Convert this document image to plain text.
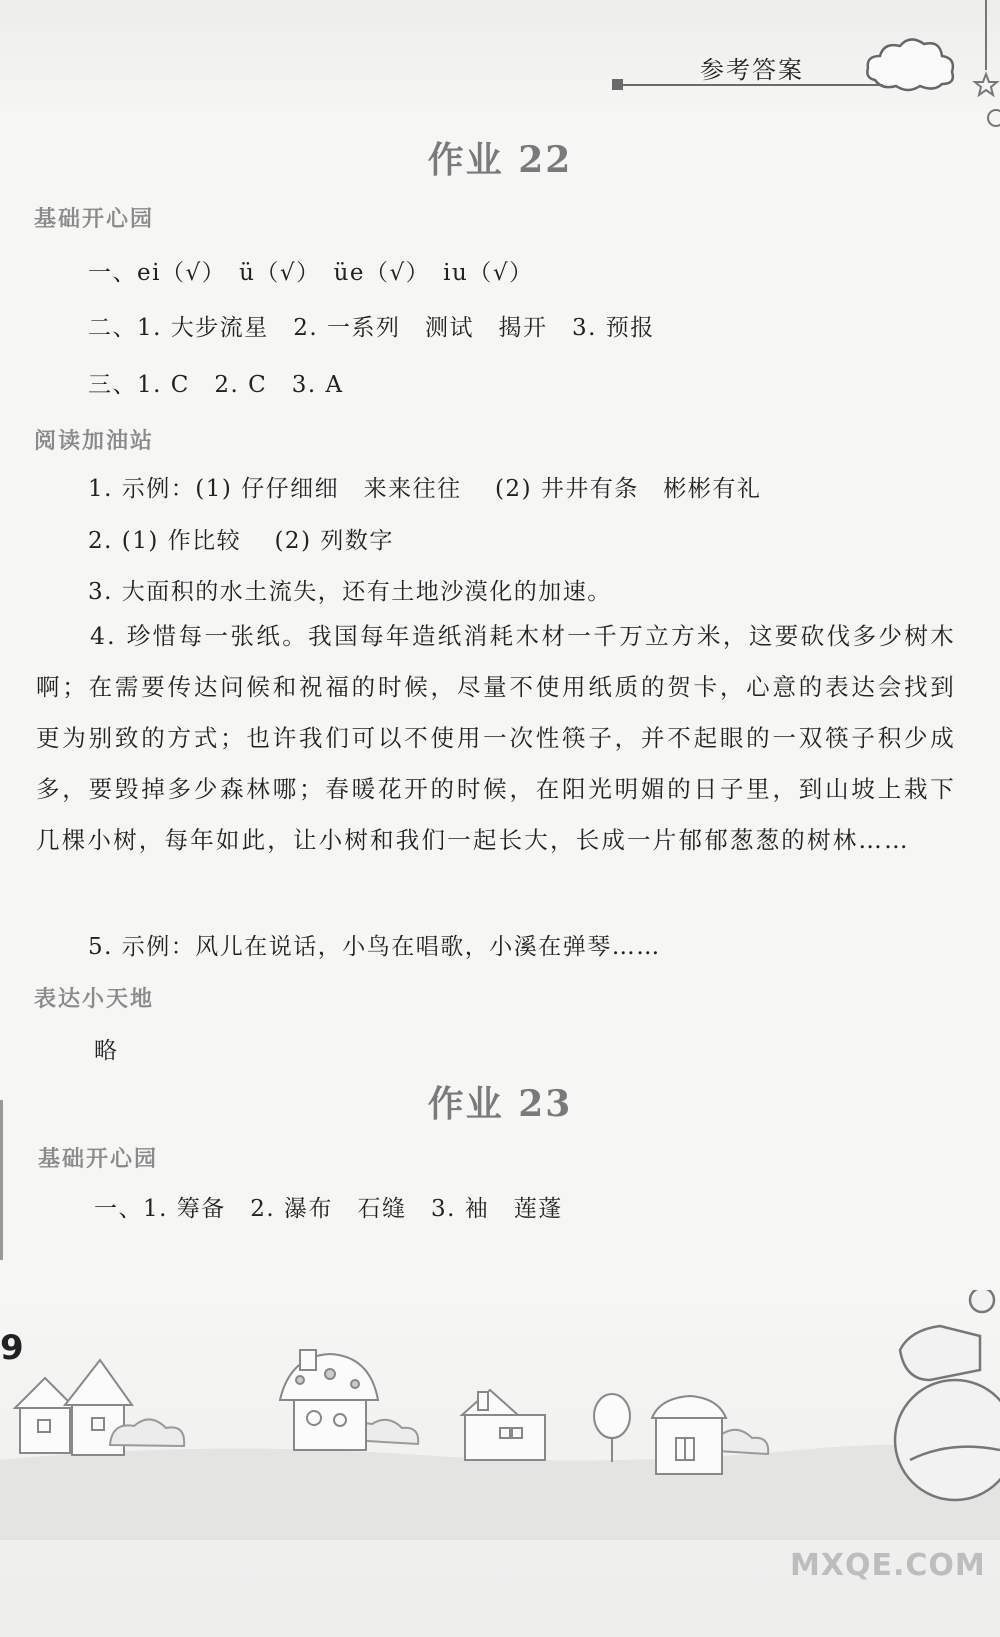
参考答案
作业 22
基础开心园
一、ei（√）　ü（√）　üe（√）　iu（√）
二、1. 大步流星　2. 一系列　测试　揭开　3. 预报
三、1. C　2. C　3. A
阅读加油站
1. 示例：(1) 仔仔细细　来来往往　 (2) 井井有条　彬彬有礼
2. (1) 作比较　 (2) 列数字
3. 大面积的水土流失，还有土地沙漠化的加速。
4. 珍惜每一张纸。我国每年造纸消耗木材一千万立方米，这要砍伐多少树木啊；在需要传达问候和祝福的时候，尽量不使用纸质的贺卡，心意的表达会找到更为别致的方式；也许我们可以不使用一次性筷子，并不起眼的一双筷子积少成多，要毁掉多少森林哪；春暖花开的时候，在阳光明媚的日子里，到山坡上栽下几棵小树，每年如此，让小树和我们一起长大，长成一片郁郁葱葱的树林……
5. 示例：风儿在说话，小鸟在唱歌，小溪在弹琴……
表达小天地
略
作业 23
基础开心园
一、1. 筹备　2. 瀑布　石缝　3. 袖　莲蓬
9
MXQE.COM
